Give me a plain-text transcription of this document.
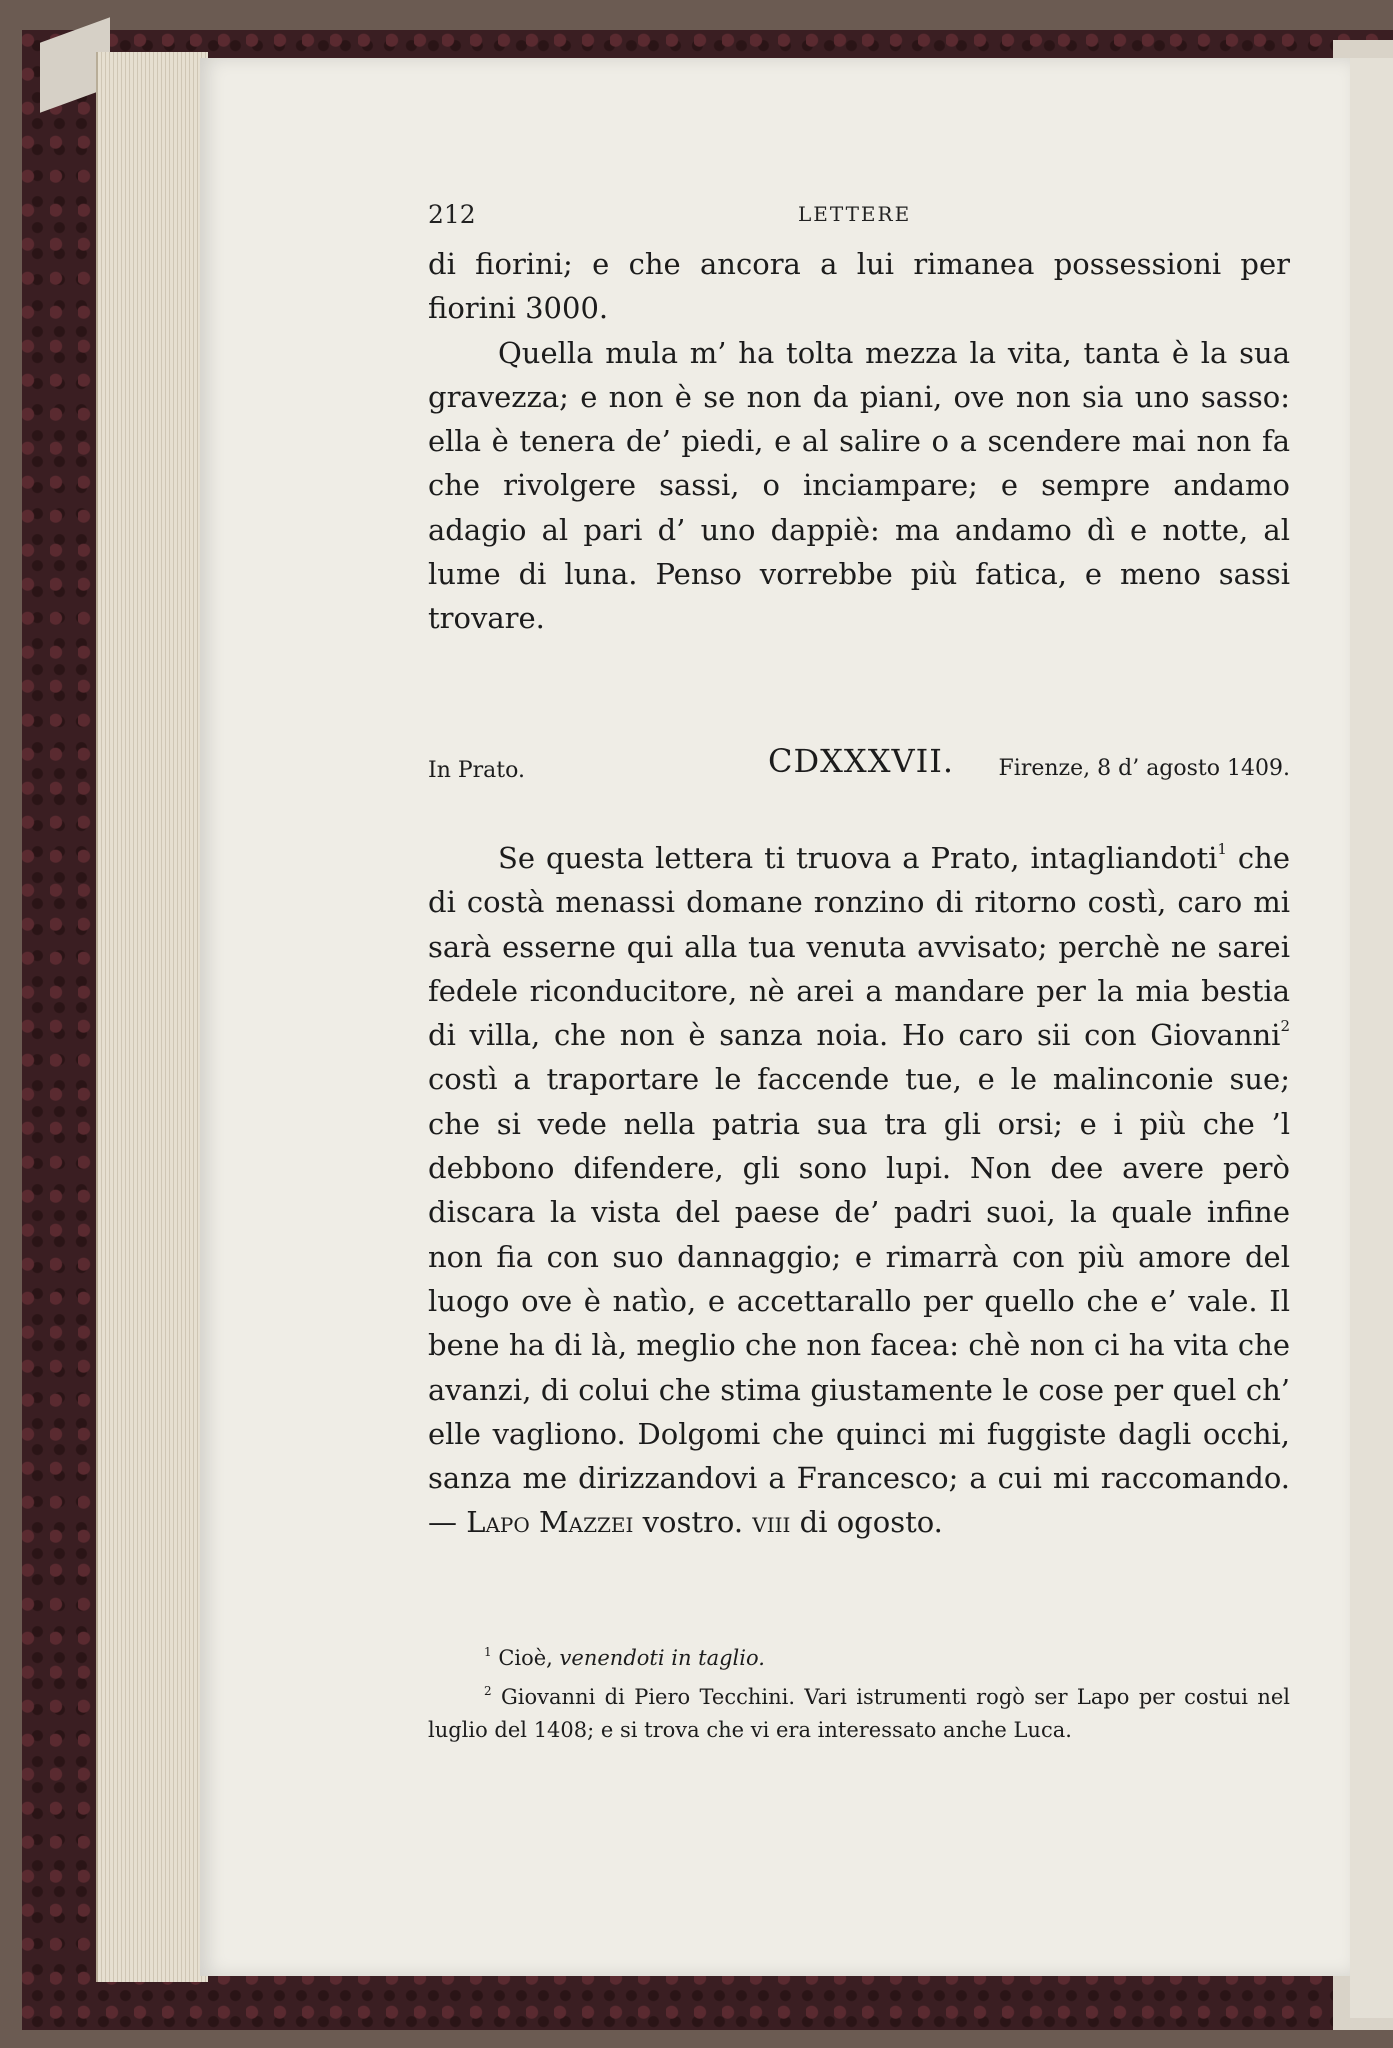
212	LETTERE

di fiorini; e che ancora a lui rimanea possessioni per fiorini 3000.

Quella mula m’ ha tolta mezza la vita, tanta è la sua gravezza; e non è se non da piani, ove non sia uno sasso: ella è tenera de’ piedi, e al salire o a scendere mai non fa che rivolgere sassi, o inciampare; e sempre andamo adagio al pari d’ uno dappiè: ma andamo dì e notte, al lume di luna. Penso vorrebbe più fatica, e meno sassi trovare.

In Prato.	CDXXXVII. Firenze, 8 d’ agosto 1409.

Se questa lettera ti truova a Prato, intagliandoti$^1$ che di costà menassi domane ronzino di ritorno costì, caro mi sarà esserne qui alla tua venuta avvisato; perchè ne sarei fedele riconducitore, nè arei a mandare per la mia bestia di villa, che non è sanza noia. Ho caro sii con Giovanni$^2$ costì a traportare le faccende tue, e le malinconie sue; che si vede nella patria sua tra gli orsi; e i più che ’l debbono difendere, gli sono lupi. Non dee avere però discara la vista del paese de’ padri suoi, la quale infine non fia con suo dannaggio; e rimarrà con più amore del luogo ove è natìo, e accettarallo per quello che e’ vale. Il bene ha di là, meglio che non facea: chè non ci ha vita che avanzi, di colui che stima giustamente le cose per quel ch’ elle vagliono. Dolgomi che quinci mi fuggiste dagli occhi, sanza me dirizzandovi a Francesco; a cui mi raccomando. — Lapo Mazzei vostro. viii di ogosto.

$^1$ Cioè, venendoti in taglio.

$^2$ Giovanni di Piero Tecchini. Vari istrumenti rogò ser Lapo per costui nel luglio del 1408; e si trova che vi era interessato anche Luca.
